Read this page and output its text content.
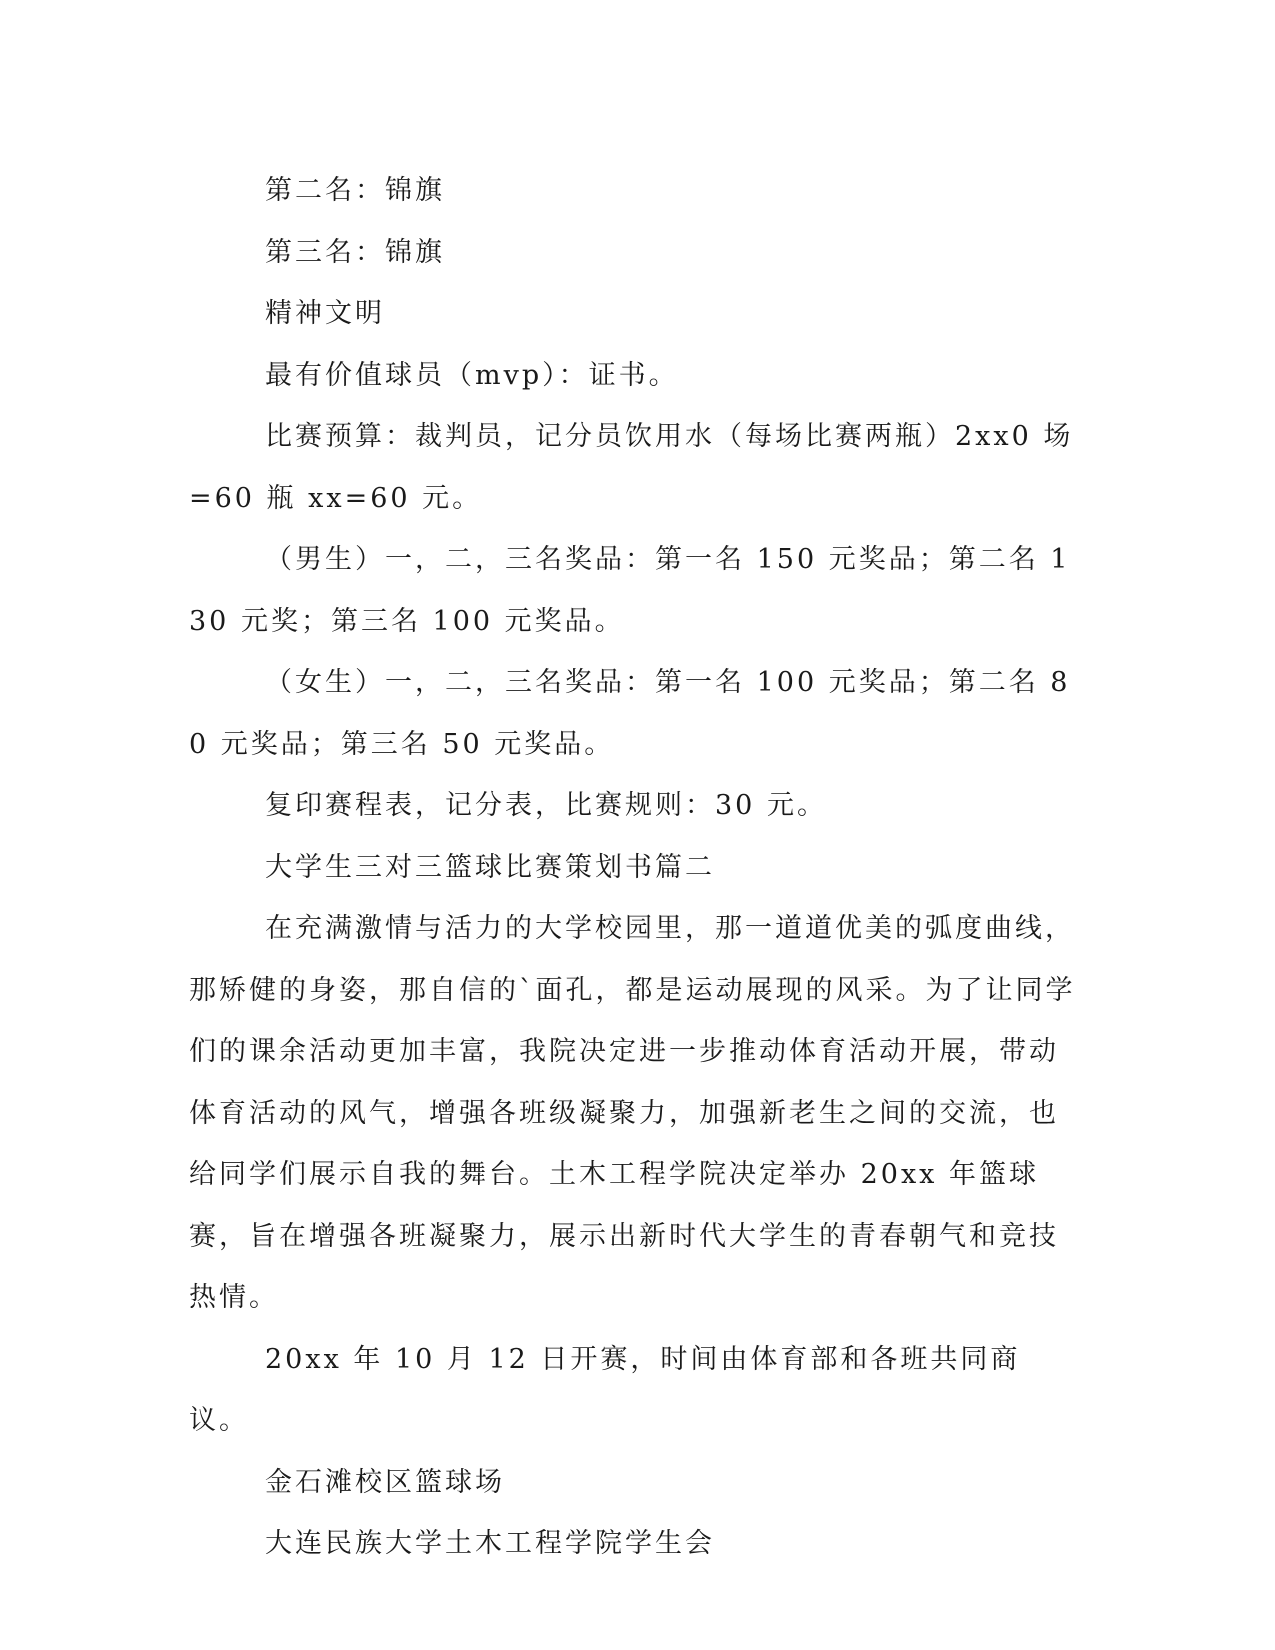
第二名：锦旗

第三名：锦旗

精神文明

最有价值球员（mvp）：证书。

比赛预算：裁判员，记分员饮用水（每场比赛两瓶）2xx0 场=60 瓶 xx=60 元。

（男生）一，二，三名奖品：第一名 150 元奖品；第二名 130 元奖；第三名 100 元奖品。

（女生）一，二，三名奖品：第一名 100 元奖品；第二名 80 元奖品；第三名 50 元奖品。

复印赛程表，记分表，比赛规则：30 元。

大学生三对三篮球比赛策划书篇二

在充满激情与活力的大学校园里，那一道道优美的弧度曲线，那矫健的身姿，那自信的`面孔，都是运动展现的风采。为了让同学们的课余活动更加丰富，我院决定进一步推动体育活动开展，带动体育活动的风气，增强各班级凝聚力，加强新老生之间的交流，也给同学们展示自我的舞台。土木工程学院决定举办 20xx 年篮球赛，旨在增强各班凝聚力，展示出新时代大学生的青春朝气和竞技热情。

20xx 年 10 月 12 日开赛，时间由体育部和各班共同商议。

金石滩校区篮球场

大连民族大学土木工程学院学生会
